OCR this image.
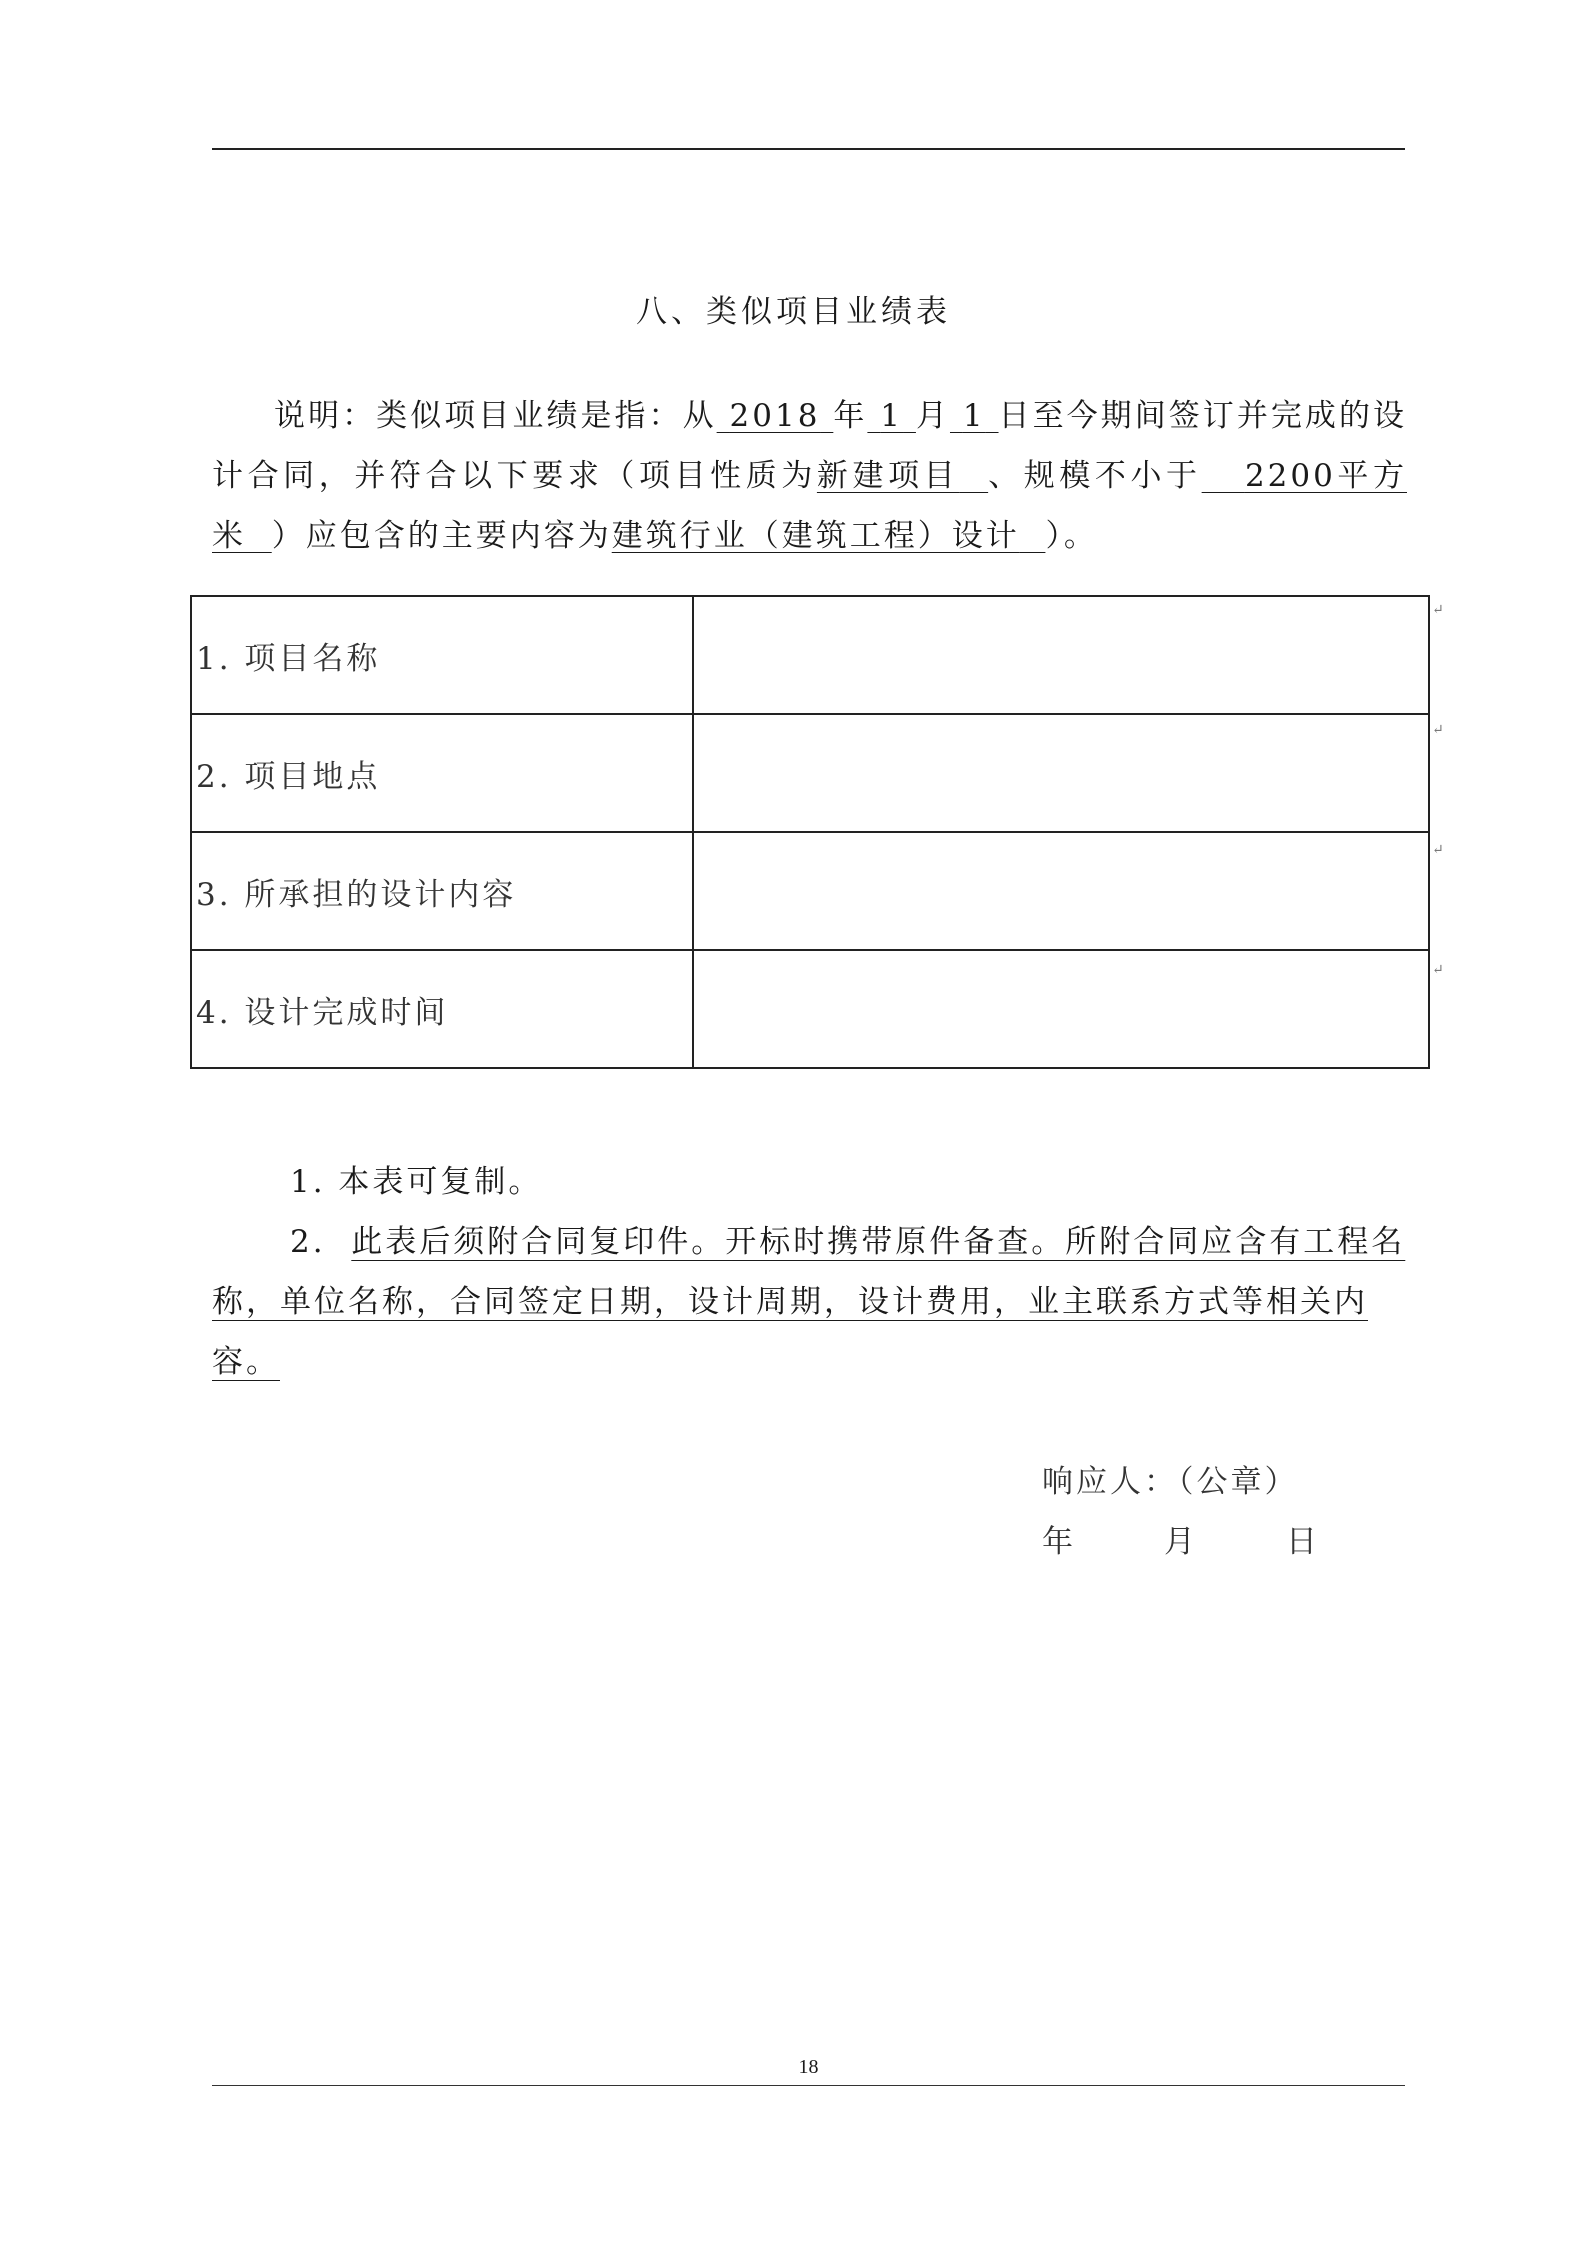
八、类似项目业绩表
说明：类似项目业绩是指：从 2018 年 1 月 1 日至今期间签订并完成的设计合同，并符合以下要求（项目性质为新建项目 、规模不小于 2200平方米 ）应包含的主要内容为建筑行业（建筑工程）设计 ）。
1. 项目名称	
2. 项目地点	
3. 所承担的设计内容	
4. 设计完成时间	
↵
↵
↵
↵

1. 本表可复制。

2. 此表后须附合同复印件。开标时携带原件备查。所附合同应含有工程名称，单位名称，合同签定日期，设计周期，设计费用，业主联系方式等相关内容。

响应人：（公章）
年	月	日
18
